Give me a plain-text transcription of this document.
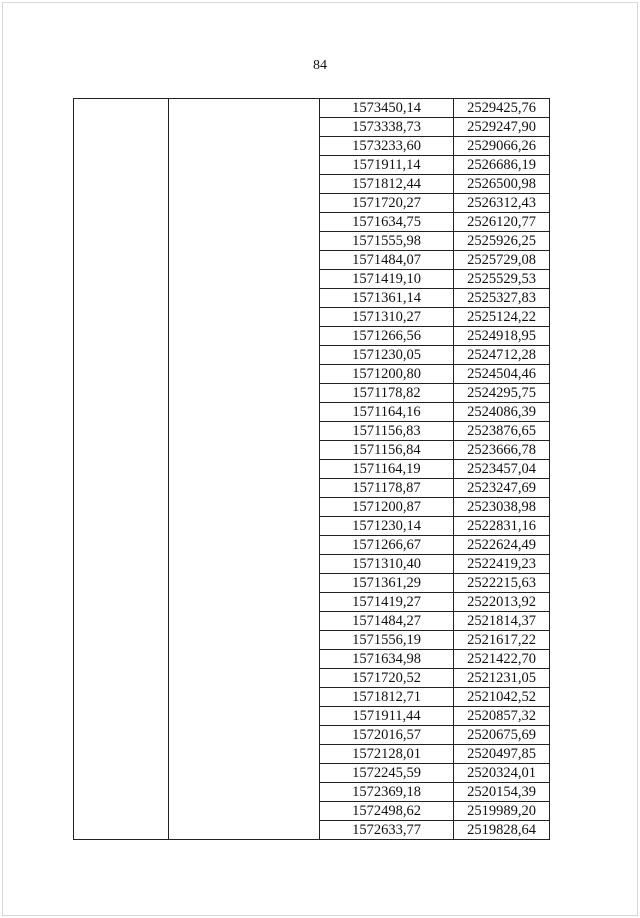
84
		1573450,14	2529425,76
		1573338,73	2529247,90
		1573233,60	2529066,26
		1571911,14	2526686,19
		1571812,44	2526500,98
		1571720,27	2526312,43
		1571634,75	2526120,77
		1571555,98	2525926,25
		1571484,07	2525729,08
		1571419,10	2525529,53
		1571361,14	2525327,83
		1571310,27	2525124,22
		1571266,56	2524918,95
		1571230,05	2524712,28
		1571200,80	2524504,46
		1571178,82	2524295,75
		1571164,16	2524086,39
		1571156,83	2523876,65
		1571156,84	2523666,78
		1571164,19	2523457,04
		1571178,87	2523247,69
		1571200,87	2523038,98
		1571230,14	2522831,16
		1571266,67	2522624,49
		1571310,40	2522419,23
		1571361,29	2522215,63
		1571419,27	2522013,92
		1571484,27	2521814,37
		1571556,19	2521617,22
		1571634,98	2521422,70
		1571720,52	2521231,05
		1571812,71	2521042,52
		1571911,44	2520857,32
		1572016,57	2520675,69
		1572128,01	2520497,85
		1572245,59	2520324,01
		1572369,18	2520154,39
		1572498,62	2519989,20
		1572633,77	2519828,64
